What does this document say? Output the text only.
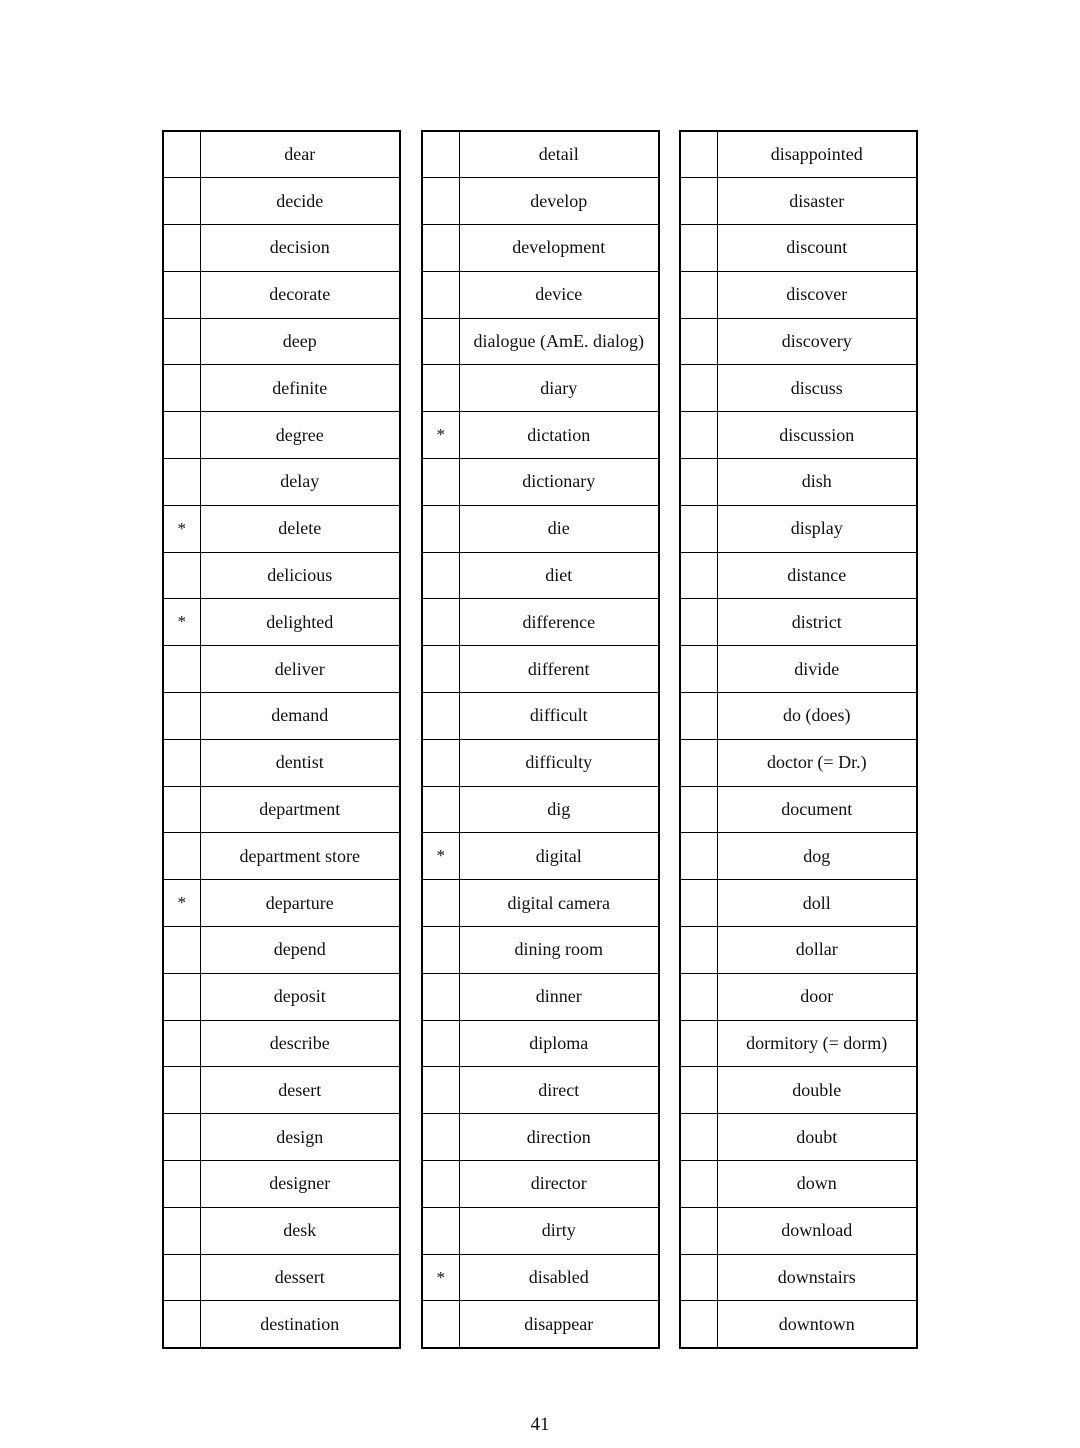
	dear
	decide
	decision
	decorate
	deep
	definite
	degree
	delay
*	delete
	delicious
*	delighted
	deliver
	demand
	dentist
	department
	department store
*	departure
	depend
	deposit
	describe
	desert
	design
	designer
	desk
	dessert
	destination
	detail
	develop
	development
	device
	dialogue (AmE. dialog)
	diary
*	dictation
	dictionary
	die
	diet
	difference
	different
	difficult
	difficulty
	dig
*	digital
	digital camera
	dining room
	dinner
	diploma
	direct
	direction
	director
	dirty
*	disabled
	disappear
	disappointed
	disaster
	discount
	discover
	discovery
	discuss
	discussion
	dish
	display
	distance
	district
	divide
	do (does)
	doctor (= Dr.)
	document
	dog
	doll
	dollar
	door
	dormitory (= dorm)
	double
	doubt
	down
	download
	downstairs
	downtown
41
